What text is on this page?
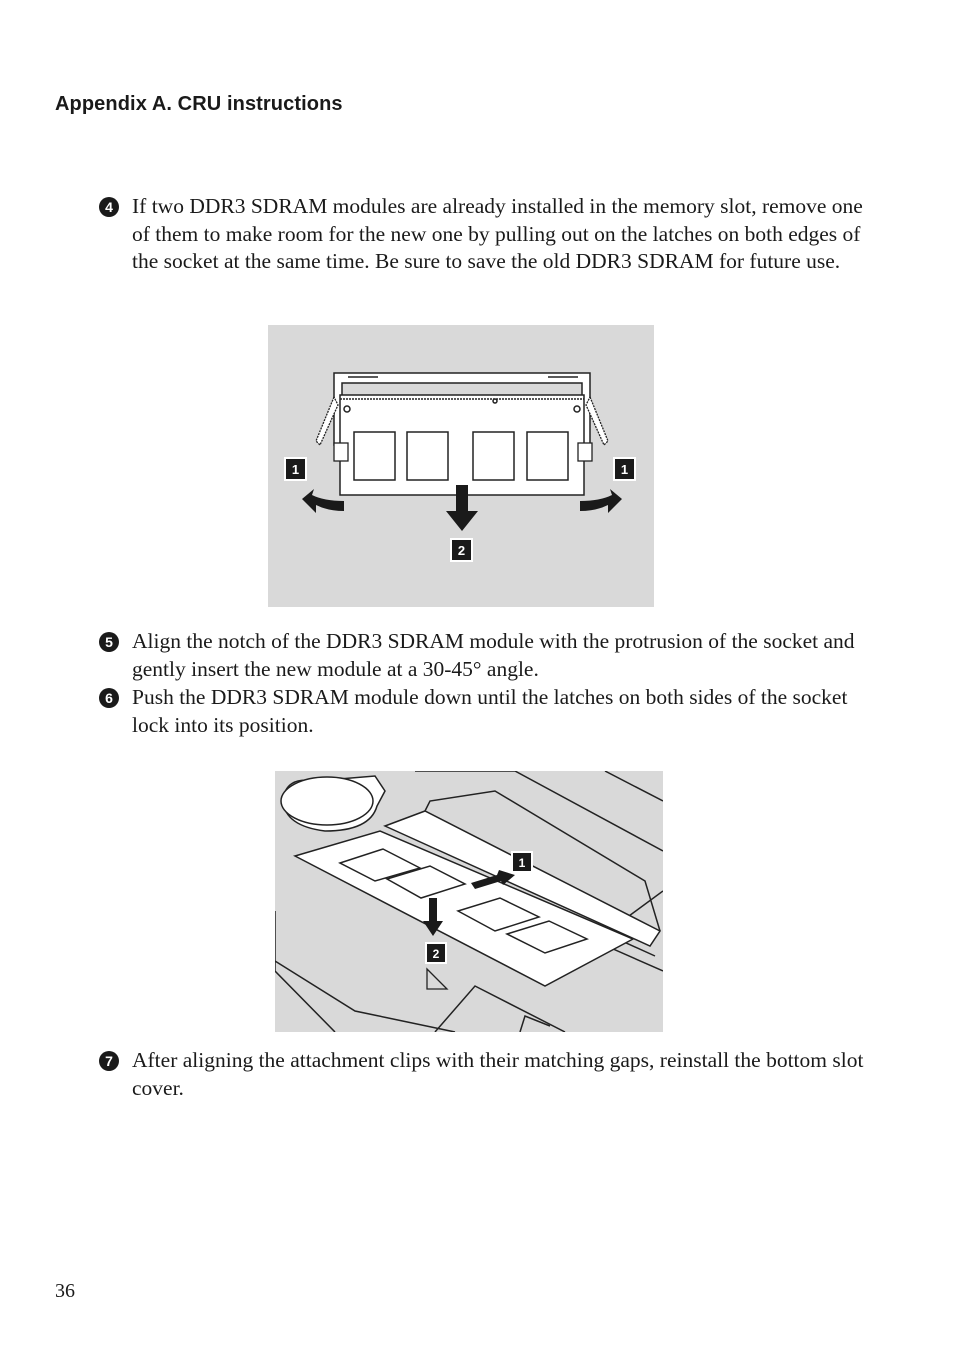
Appendix A. CRU instructions
4 If two DDR3 SDRAM modules are already installed in the memory slot, remove one of them to make room for the new one by pulling out on the latches on both edges of the socket at the same time. Be sure to save the old DDR3 SDRAM for future use.
1	1
2
5 Align the notch of the DDR3 SDRAM module with the protrusion of the socket and gently insert the new module at a 30-45° angle.
6 Push the DDR3 SDRAM module down until the latches on both sides of the socket lock into its position.
1
2
7 After aligning the attachment clips with their matching gaps, reinstall the bottom slot cover.
36
